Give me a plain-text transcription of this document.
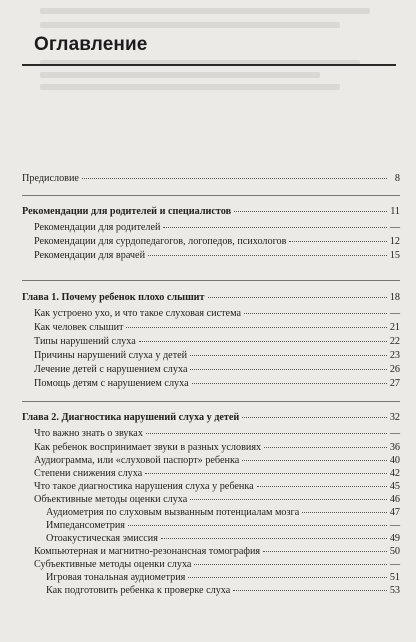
Оглавление
Предисловие	8
Рекомендации для родителей и специалистов	11
Рекомендации для родителей	—
Рекомендации для сурдопедагогов, логопедов, психологов	12
Рекомендации для врачей	15
Глава 1. Почему ребенок плохо слышит	18
Как устроено ухо, и что такое слуховая система	—
Как человек слышит	21
Типы нарушений слуха	22
Причины нарушений слуха у детей	23
Лечение детей с нарушением слуха	26
Помощь детям с нарушением слуха	27
Глава 2. Диагностика нарушений слуха у детей	32
Что важно знать о звуках	—
Как ребенок воспринимает звуки в разных условиях	36
Аудиограмма, или «слуховой паспорт» ребенка	40
Степени снижения слуха	42
Что такое диагностика нарушения слуха у ребенка	45
Объективные методы оценки слуха	46
Аудиометрия по слуховым вызванным потенциалам мозга	47
Импедансометрия	—
Отоакустическая эмиссия	49
Компьютерная и магнитно-резонансная томография	50
Субъективные методы оценки слуха	—
Игровая тональная аудиометрия	51
Как подготовить ребенка к проверке слуха	53
